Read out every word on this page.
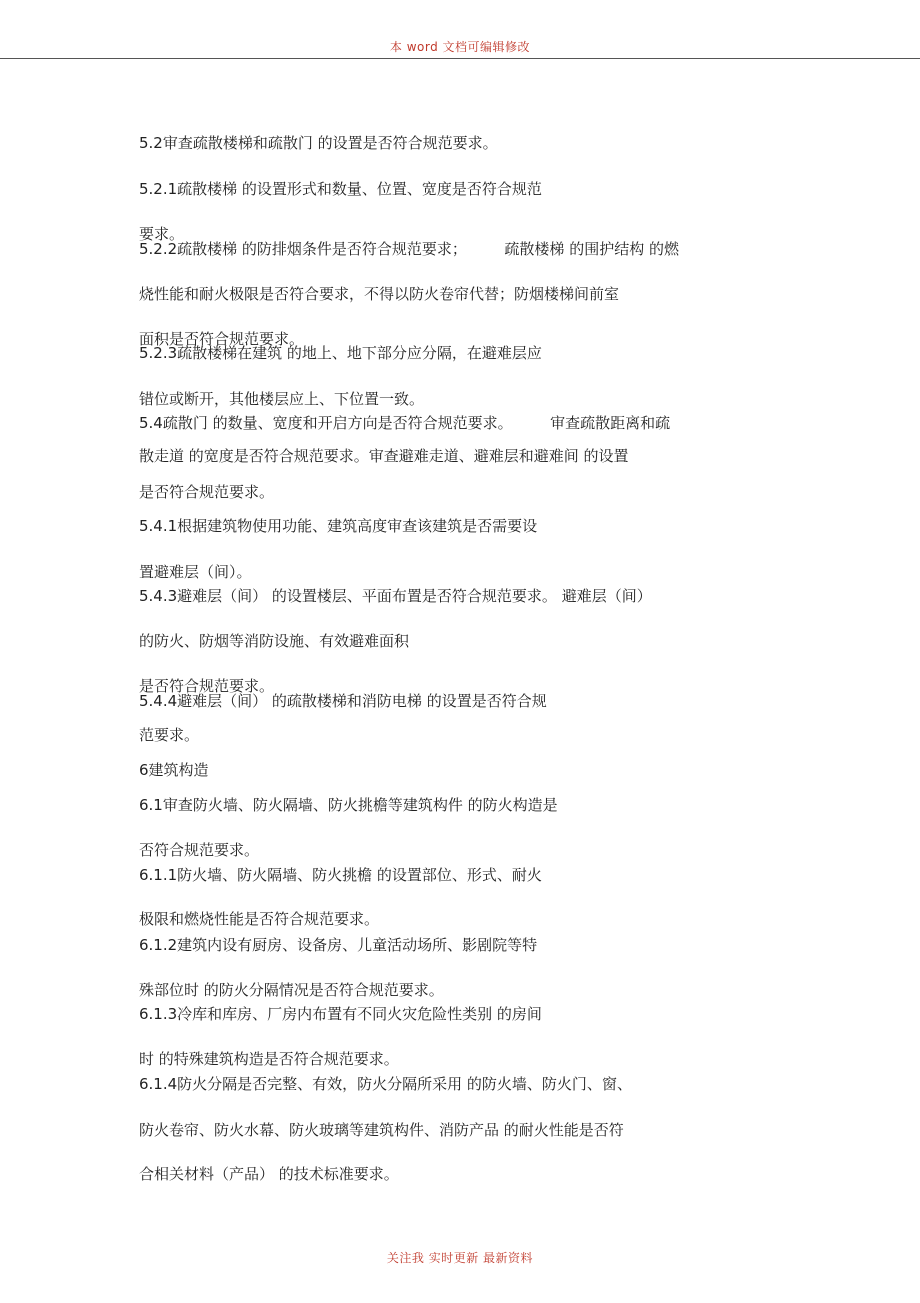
本 word 文档可编辑修改
5.2审查疏散楼梯和疏散门 的设置是否符合规范要求。
5.2.1疏散楼梯 的设置形式和数量、位置、宽度是否符合规范
要求。
5.2.2疏散楼梯 的防排烟条件是否符合规范要求；　　　疏散楼梯 的围护结构 的燃
烧性能和耐火极限是否符合要求，不得以防火卷帘代替；防烟楼梯间前室
面积是否符合规范要求。
5.2.3疏散楼梯在建筑 的地上、地下部分应分隔，在避难层应
错位或断开，其他楼层应上、下位置一致。
5.4疏散门 的数量、宽度和开启方向是否符合规范要求。　　　审查疏散距离和疏
散走道 的宽度是否符合规范要求。审查避难走道、避难层和避难间 的设置
是否符合规范要求。
5.4.1根据建筑物使用功能、建筑高度审查该建筑是否需要设
置避难层（间）。
5.4.3避难层（间） 的设置楼层、平面布置是否符合规范要求。 避难层（间）
的防火、防烟等消防设施、有效避难面积
是否符合规范要求。
5.4.4避难层（间） 的疏散楼梯和消防电梯 的设置是否符合规
范要求。
6建筑构造
6.1审查防火墙、防火隔墙、防火挑檐等建筑构件 的防火构造是
否符合规范要求。
6.1.1防火墙、防火隔墙、防火挑檐 的设置部位、形式、耐火
极限和燃烧性能是否符合规范要求。
6.1.2建筑内设有厨房、设备房、儿童活动场所、影剧院等特
殊部位时 的防火分隔情况是否符合规范要求。
6.1.3冷库和库房、厂房内布置有不同火灾危险性类别 的房间
时 的特殊建筑构造是否符合规范要求。
6.1.4防火分隔是否完整、有效，防火分隔所采用 的防火墙、防火门、窗、
防火卷帘、防火水幕、防火玻璃等建筑构件、消防产品 的耐火性能是否符
合相关材料（产品） 的技术标准要求。
关注我 实时更新 最新资料
